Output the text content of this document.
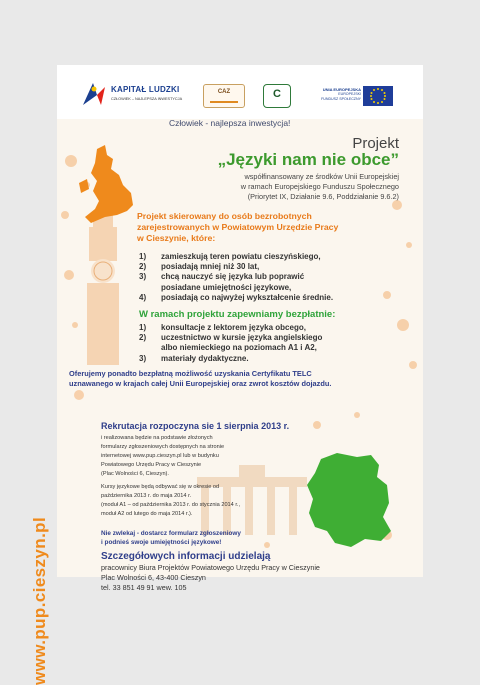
KAPITAŁ LUDZKI
CZŁOWIEK – NAJLEPSZA INWESTYCJA
CAZ	C	UNIA EUROPEJSKA
EUROPEJSKI
FUNDUSZ SPOŁECZNY
Człowiek - najlepsza inwestycja!
Projekt
„Języki nam nie obce”
współfinansowany ze środków Unii Europejskiej
w ramach Europejskiego Funduszu Społecznego
(Priorytet IX, Działanie 9.6, Poddziałanie 9.6.2)
Projekt skierowany do osób bezrobotnych
zarejestrowanych w Powiatowym Urzędzie Pracy
w Cieszynie, które:
1) zamieszkują teren powiatu cieszyńskiego,
2) posiadają mniej niż 30 lat,
3) chcą nauczyć się języka lub poprawić
posiadane umiejętności językowe,
4) posiadają co najwyżej wykształcenie średnie.
W ramach projektu zapewniamy bezpłatnie:
1) konsultacje z lektorem języka obcego,
2) uczestnictwo w kursie języka angielskiego
albo niemieckiego na poziomach A1 i A2,
3) materiały dydaktyczne.
Oferujemy ponadto bezpłatną możliwość uzyskania Certyfikatu TELC
uznawanego w krajach całej Unii Europejskiej oraz zwrot kosztów dojazdu.
www.pup.cieszyn.pl
Rekrutacja rozpoczyna sie 1 sierpnia 2013 r.
i realizowana będzie na podstawie złożonych
formularzy zgłoszeniowych dostępnych na stronie
internetowej www.pup.cieszyn.pl lub w budynku
Powiatowego Urzędu Pracy w Cieszynie
(Plac Wolności 6, Cieszyn).
Kursy językowe będą odbywać się w okresie od
października 2013 r. do maja 2014 r.
(moduł A1 – od października 2013 r. do stycznia 2014 r.,
moduł A2 od lutego do maja 2014 r.).
Nie zwlekaj - dostarcz formularz zgłoszeniowy
i podnieś swoje umiejętności językowe!
Szczegółowych informacji udzielają
pracownicy Biura Projektów Powiatowego Urzędu Pracy w Cieszynie
Plac Wolności 6, 43-400 Cieszyn
tel. 33 851 49 91 wew. 105
